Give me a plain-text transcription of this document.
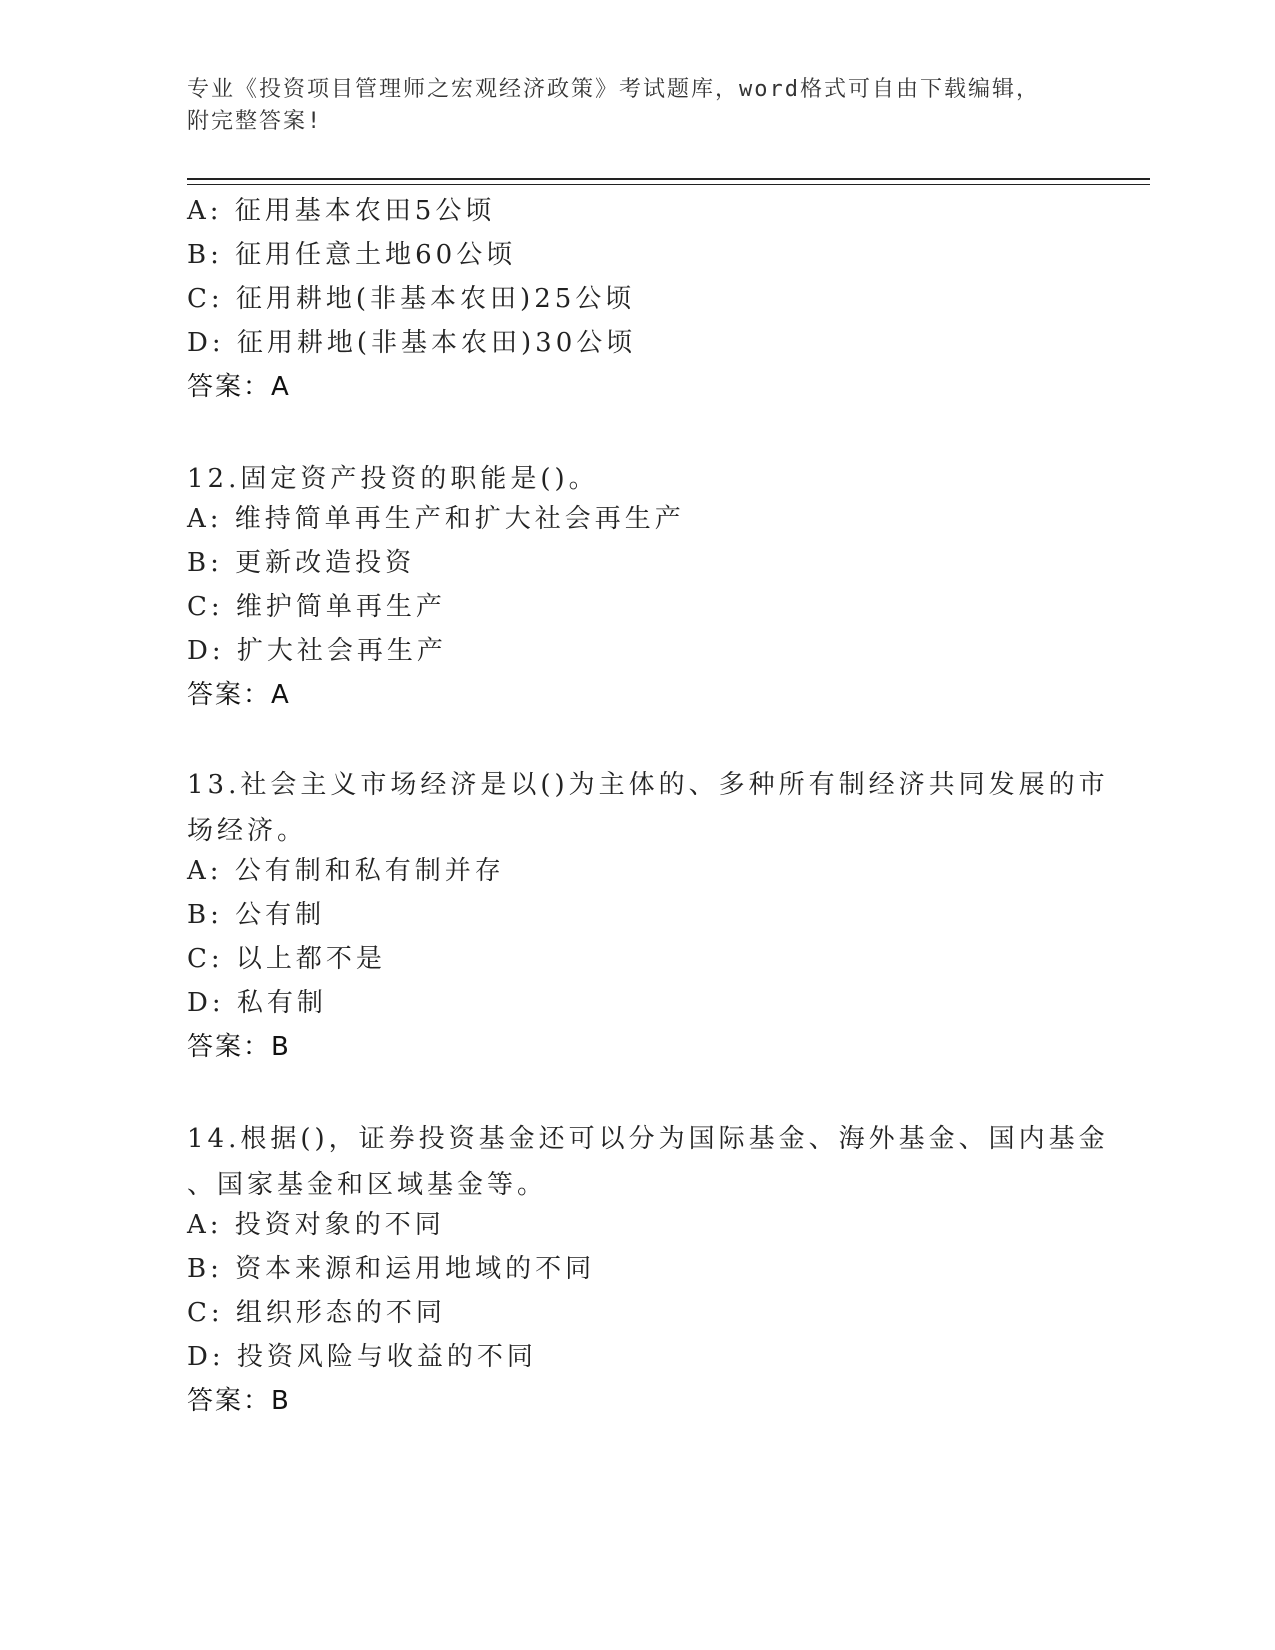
专业《投资项目管理师之宏观经济政策》考试题库，word格式可自由下载编辑，
附完整答案!
A: 征用基本农田5公顷
B: 征用任意土地60公顷
C: 征用耕地(非基本农田)25公顷
D: 征用耕地(非基本农田)30公顷
答案：A
12.固定资产投资的职能是()。
A: 维持简单再生产和扩大社会再生产
B: 更新改造投资
C: 维护简单再生产
D: 扩大社会再生产
答案：A
13.社会主义市场经济是以()为主体的、多种所有制经济共同发展的市
场经济。
A: 公有制和私有制并存
B: 公有制
C: 以上都不是
D: 私有制
答案：B
14.根据()，证券投资基金还可以分为国际基金、海外基金、国内基金
、国家基金和区域基金等。
A: 投资对象的不同
B: 资本来源和运用地域的不同
C: 组织形态的不同
D: 投资风险与收益的不同
答案：B
